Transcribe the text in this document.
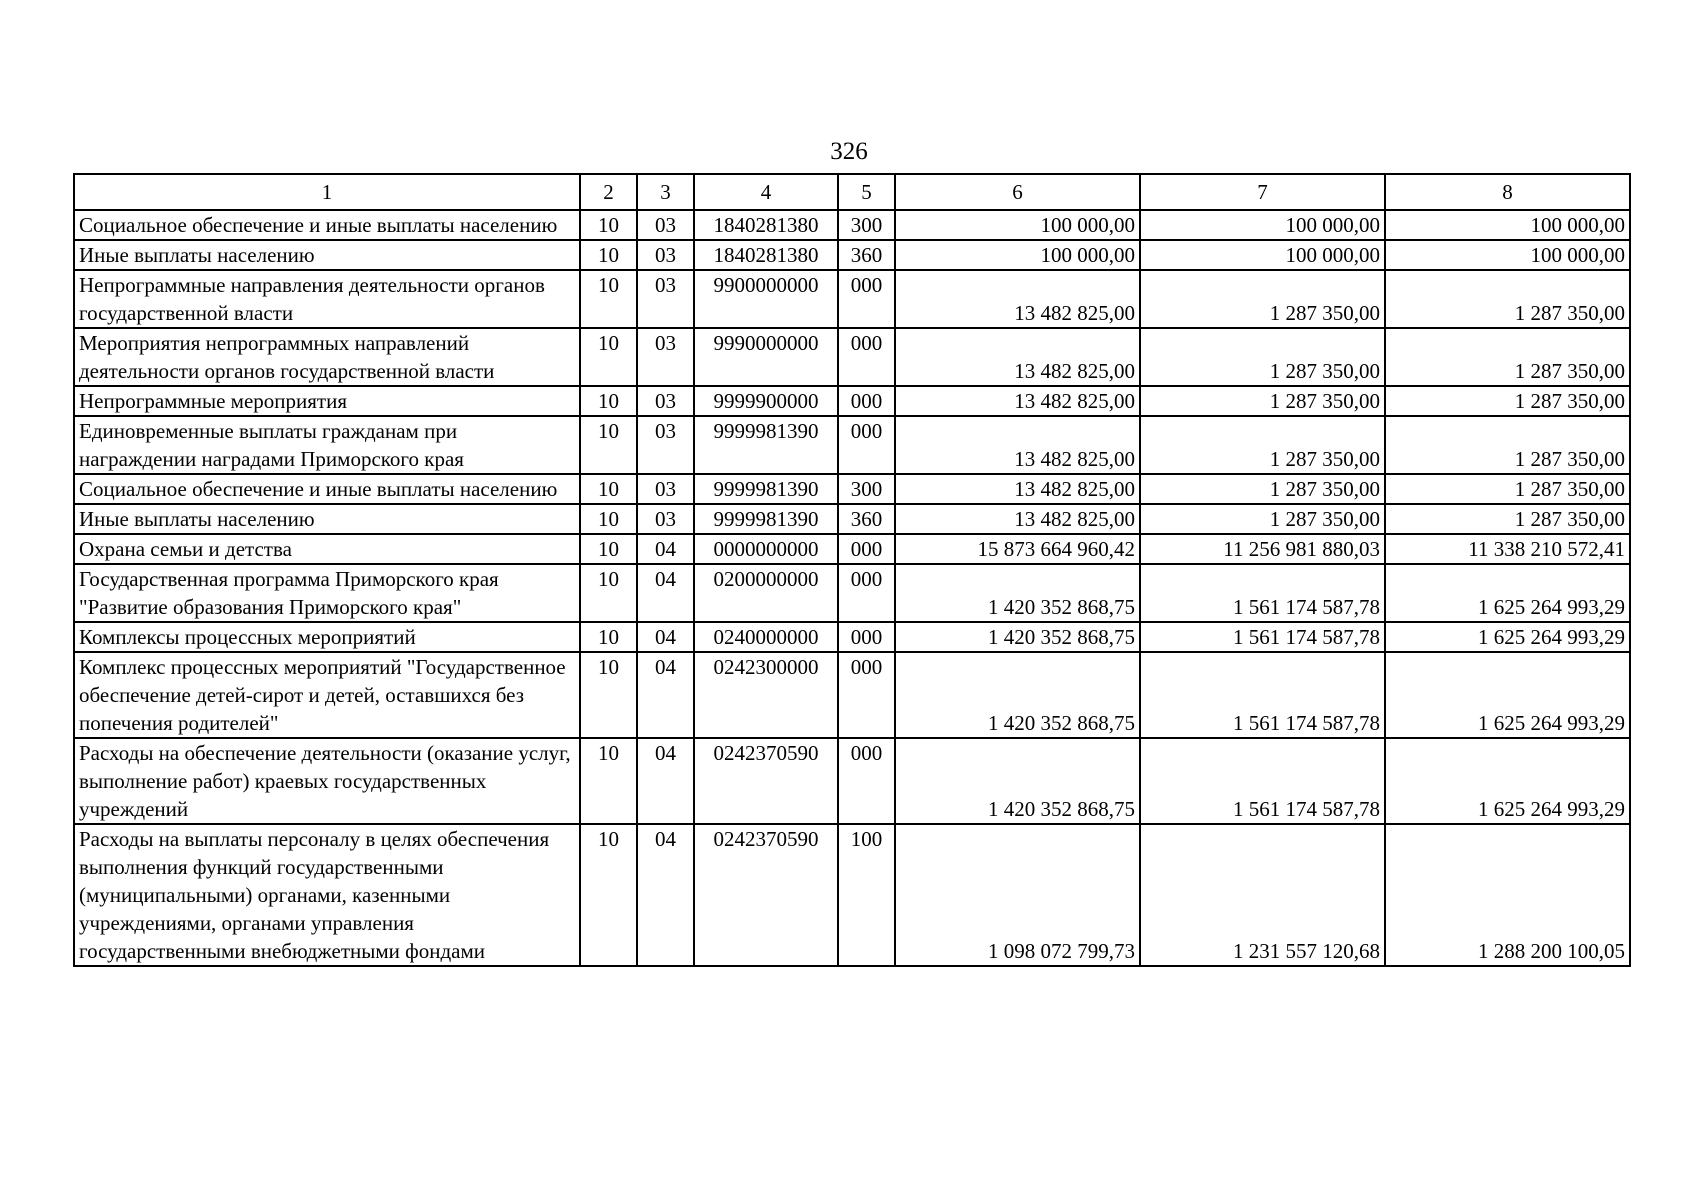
326
1	2	3	4	5	6	7	8
Социальное обеспечение и иные выплаты населению	10	03	1840281380	300	100 000,00	100 000,00	100 000,00
Иные выплаты населению	10	03	1840281380	360	100 000,00	100 000,00	100 000,00
Непрограммные направления деятельности органов государственной власти	10	03	9900000000	000	13 482 825,00	1 287 350,00	1 287 350,00
Мероприятия непрограммных направлений деятельности органов государственной власти	10	03	9990000000	000	13 482 825,00	1 287 350,00	1 287 350,00
Непрограммные мероприятия	10	03	9999900000	000	13 482 825,00	1 287 350,00	1 287 350,00
Единовременные выплаты гражданам при награждении наградами Приморского края	10	03	9999981390	000	13 482 825,00	1 287 350,00	1 287 350,00
Социальное обеспечение и иные выплаты населению	10	03	9999981390	300	13 482 825,00	1 287 350,00	1 287 350,00
Иные выплаты населению	10	03	9999981390	360	13 482 825,00	1 287 350,00	1 287 350,00
Охрана семьи и детства	10	04	0000000000	000	15 873 664 960,42	11 256 981 880,03	11 338 210 572,41
Государственная программа Приморского края "Развитие образования Приморского края"	10	04	0200000000	000	1 420 352 868,75	1 561 174 587,78	1 625 264 993,29
Комплексы процессных мероприятий	10	04	0240000000	000	1 420 352 868,75	1 561 174 587,78	1 625 264 993,29
Комплекс процессных мероприятий "Государственное обеспечение детей-сирот и детей, оставшихся без попечения родителей"	10	04	0242300000	000	1 420 352 868,75	1 561 174 587,78	1 625 264 993,29
Расходы на обеспечение деятельности (оказание услуг, выполнение работ) краевых государственных учреждений	10	04	0242370590	000	1 420 352 868,75	1 561 174 587,78	1 625 264 993,29
Расходы на выплаты персоналу в целях обеспечения выполнения функций государственными (муниципальными) органами, казенными учреждениями, органами управления государственными внебюджетными фондами	10	04	0242370590	100	1 098 072 799,73	1 231 557 120,68	1 288 200 100,05
